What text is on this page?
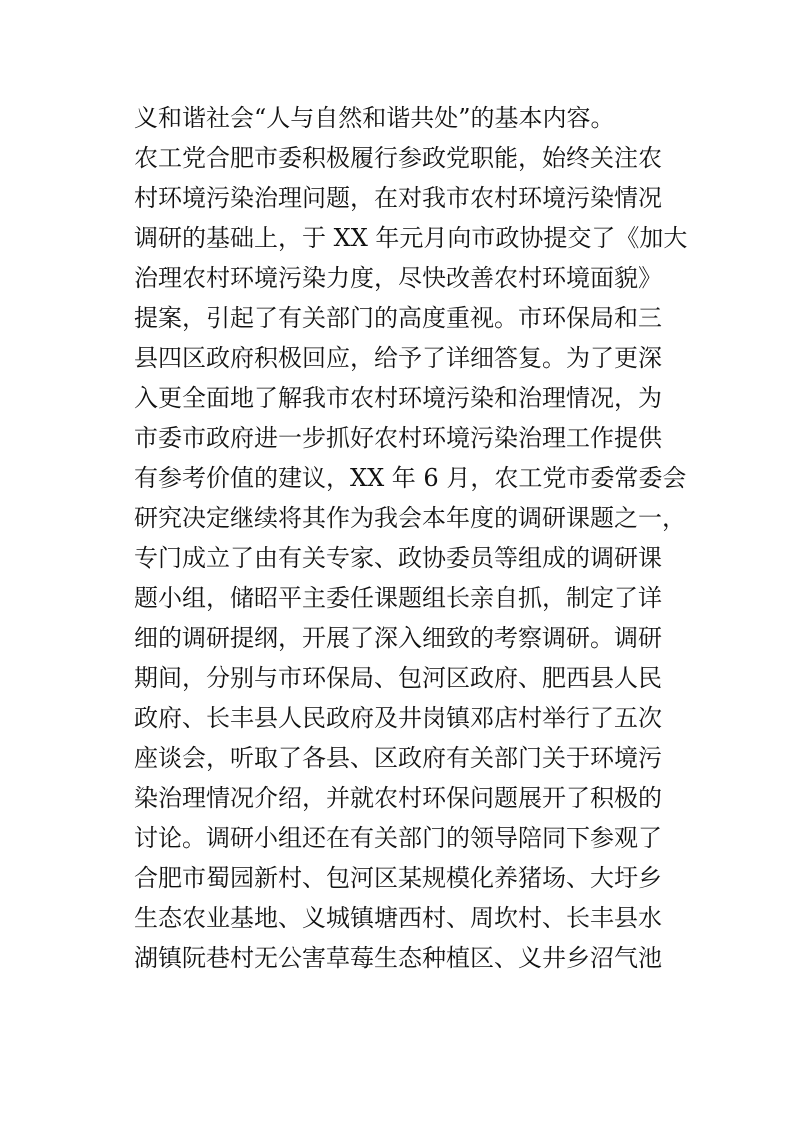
义和谐社会“人与自然和谐共处”的基本内容。
农工党合肥市委积极履行参政党职能，始终关注农
村环境污染治理问题，在对我市农村环境污染情况
调研的基础上，于 XX 年元月向市政协提交了《加大
治理农村环境污染力度，尽快改善农村环境面貌》
提案，引起了有关部门的高度重视。市环保局和三
县四区政府积极回应，给予了详细答复。为了更深
入更全面地了解我市农村环境污染和治理情况，为
市委市政府进一步抓好农村环境污染治理工作提供
有参考价值的建议，XX 年 6 月，农工党市委常委会
研究决定继续将其作为我会本年度的调研课题之一，
专门成立了由有关专家、政协委员等组成的调研课
题小组，储昭平主委任课题组长亲自抓，制定了详
细的调研提纲，开展了深入细致的考察调研。调研
期间，分别与市环保局、包河区政府、肥西县人民
政府、长丰县人民政府及井岗镇邓店村举行了五次
座谈会，听取了各县、区政府有关部门关于环境污
染治理情况介绍，并就农村环保问题展开了积极的
讨论。调研小组还在有关部门的领导陪同下参观了
合肥市蜀园新村、包河区某规模化养猪场、大圩乡
生态农业基地、义城镇塘西村、周坎村、长丰县水
湖镇阮巷村无公害草莓生态种植区、义井乡沼气池
